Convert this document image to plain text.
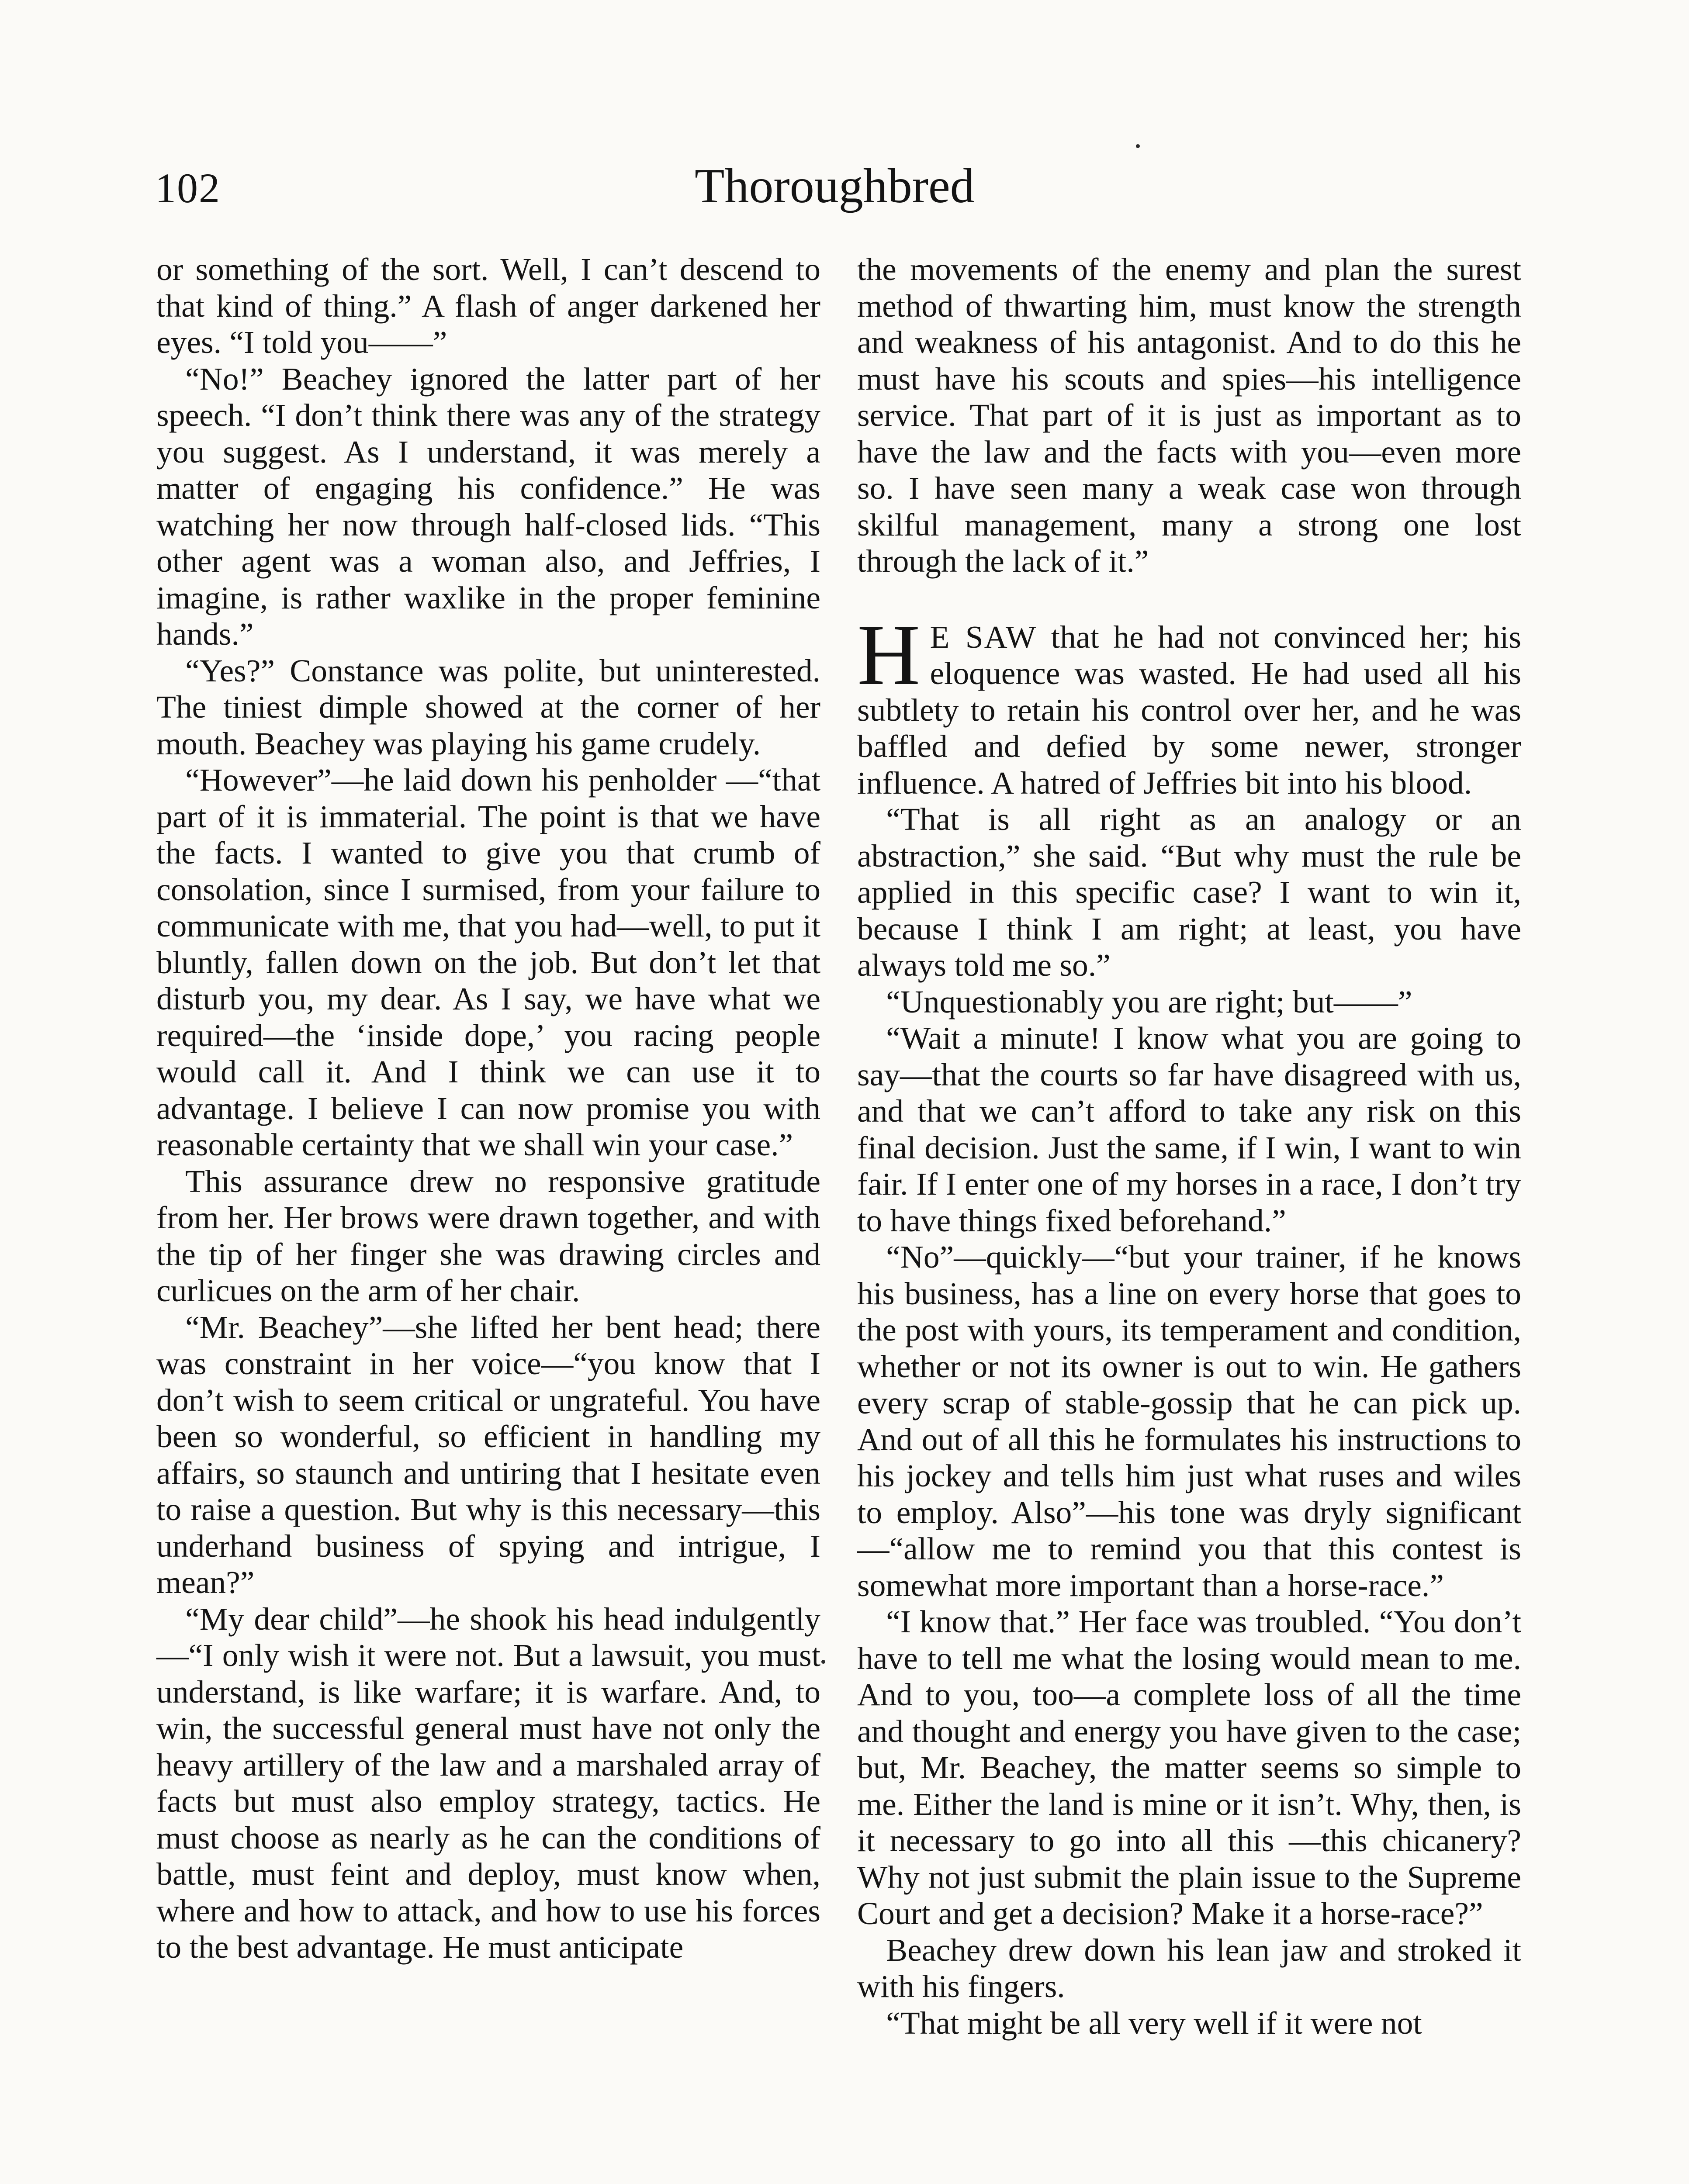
102	Thoroughbred

or something of the sort. Well, I can’t descend to that kind of thing.” A flash of anger darkened her eyes. “I told you——”

“No!” Beachey ignored the latter part of her speech. “I don’t think there was any of the strategy you suggest. As I understand, it was merely a matter of engaging his confidence.” He was watching her now through half-closed lids. “This other agent was a woman also, and Jeffries, I imagine, is rather waxlike in the proper feminine hands.”

“Yes?” Constance was polite, but uninterested. The tiniest dimple showed at the corner of her mouth. Beachey was playing his game crudely.

“However”—he laid down his penholder —“that part of it is immaterial. The point is that we have the facts. I wanted to give you that crumb of consolation, since I surmised, from your failure to communicate with me, that you had—well, to put it bluntly, fallen down on the job. But don’t let that disturb you, my dear. As I say, we have what we required—the ‘inside dope,’ you racing people would call it. And I think we can use it to advantage. I believe I can now promise you with reasonable certainty that we shall win your case.”

This assurance drew no responsive gratitude from her. Her brows were drawn together, and with the tip of her finger she was drawing circles and curlicues on the arm of her chair.

“Mr. Beachey”—she lifted her bent head; there was constraint in her voice—“you know that I don’t wish to seem critical or ungrateful. You have been so wonderful, so efficient in handling my affairs, so staunch and untiring that I hesitate even to raise a question. But why is this necessary—this underhand business of spying and intrigue, I mean?”

“My dear child”—he shook his head indulgently—“I only wish it were not. But a lawsuit, you must understand, is like warfare; it is warfare. And, to win, the successful general must have not only the heavy artillery of the law and a marshaled array of facts but must also employ strategy, tactics. He must choose as nearly as he can the conditions of battle, must feint and deploy, must know when, where and how to attack, and how to use his forces to the best advantage. He must anticipate

the movements of the enemy and plan the surest method of thwarting him, must know the strength and weakness of his antagonist. And to do this he must have his scouts and spies—his intelligence service. That part of it is just as important as to have the law and the facts with you—even more so. I have seen many a weak case won through skilful management, many a strong one lost through the lack of it.”

H E SAW that he had not convinced her; his eloquence was wasted. He had used all his subtlety to retain his control over her, and he was baffled and defied by some newer, stronger influence. A hatred of Jeffries bit into his blood.

“That is all right as an analogy or an abstraction,” she said. “But why must the rule be applied in this specific case? I want to win it, because I think I am right; at least, you have always told me so.”

“Unquestionably you are right; but——”

“Wait a minute! I know what you are going to say—that the courts so far have disagreed with us, and that we can’t afford to take any risk on this final decision. Just the same, if I win, I want to win fair. If I enter one of my horses in a race, I don’t try to have things fixed beforehand.”

“No”—quickly—“but your trainer, if he knows his business, has a line on every horse that goes to the post with yours, its temperament and condition, whether or not its owner is out to win. He gathers every scrap of stable-gossip that he can pick up. And out of all this he formulates his instructions to his jockey and tells him just what ruses and wiles to employ. Also”—his tone was dryly significant—“allow me to remind you that this contest is somewhat more important than a horse-race.”

“I know that.” Her face was troubled. “You don’t have to tell me what the losing would mean to me. And to you, too—a complete loss of all the time and thought and energy you have given to the case; but, Mr. Beachey, the matter seems so simple to me. Either the land is mine or it isn’t. Why, then, is it necessary to go into all this —this chicanery? Why not just submit the plain issue to the Supreme Court and get a decision? Make it a horse-race?”

Beachey drew down his lean jaw and stroked it with his fingers.

“That might be all very well if it were not
